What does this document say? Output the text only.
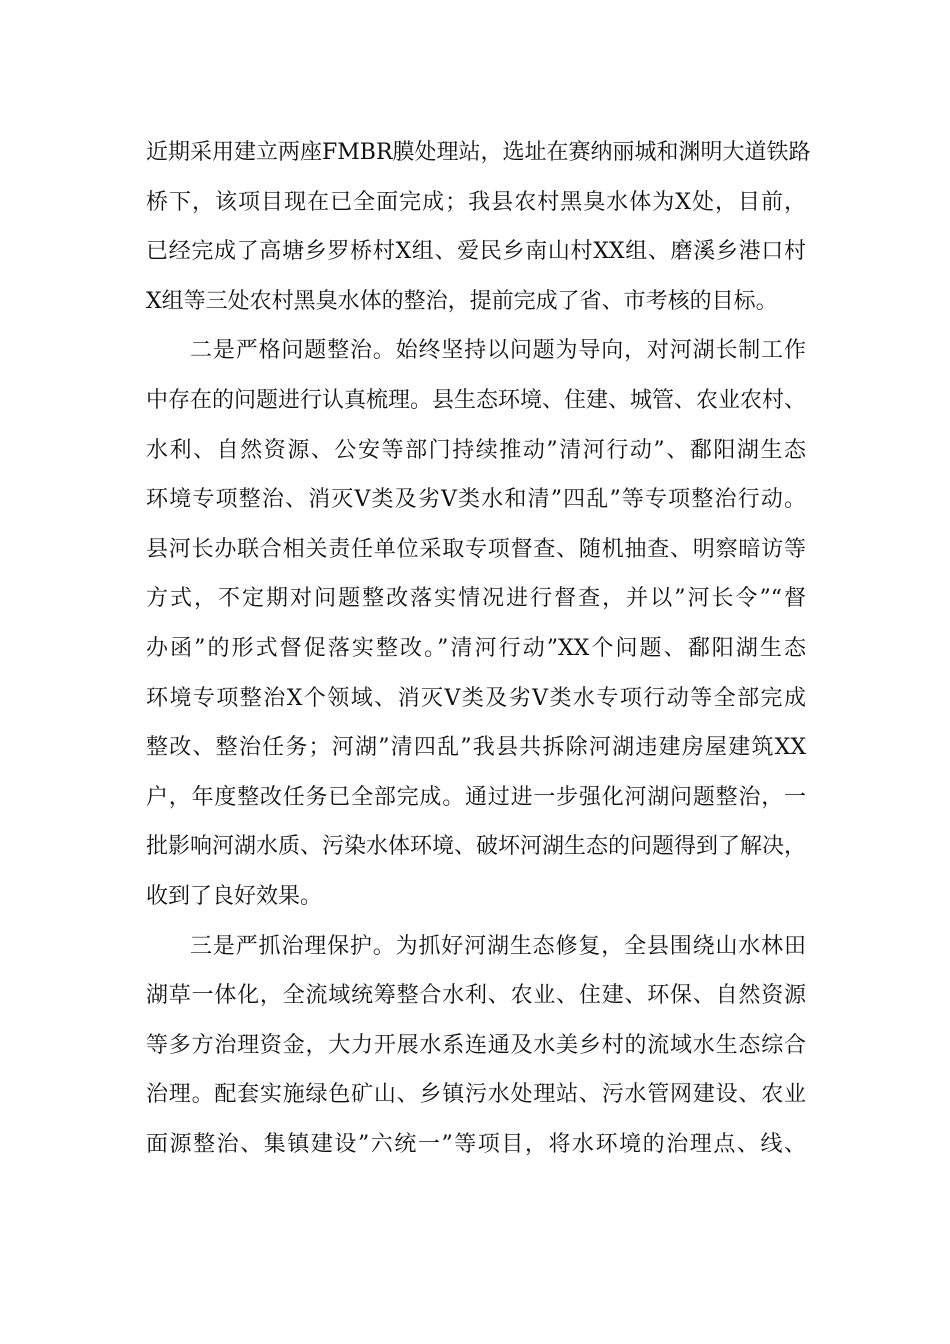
近期采用建立两座FMBR膜处理站，选址在赛纳丽城和渊明大道铁路
桥下，该项目现在已全面完成；我县农村黑臭水体为X处，目前，
已经完成了高塘乡罗桥村X组、爱民乡南山村XX组、磨溪乡港口村
X组等三处农村黑臭水体的整治，提前完成了省、市考核的目标。
二是严格问题整治。始终坚持以问题为导向，对河湖长制工作
中存在的问题进行认真梳理。县生态环境、住建、城管、农业农村、
水利、自然资源、公安等部门持续推动”清河行动”、鄱阳湖生态
环境专项整治、消灭Ⅴ类及劣Ⅴ类水和清”四乱”等专项整治行动。
县河长办联合相关责任单位采取专项督查、随机抽查、明察暗访等
方式，不定期对问题整改落实情况进行督查，并以”河长令”“督
办函”的形式督促落实整改。”清河行动”XX个问题、鄱阳湖生态
环境专项整治X个领域、消灭Ⅴ类及劣Ⅴ类水专项行动等全部完成
整改、整治任务；河湖”清四乱”我县共拆除河湖违建房屋建筑XX
户，年度整改任务已全部完成。通过进一步强化河湖问题整治，一
批影响河湖水质、污染水体环境、破坏河湖生态的问题得到了解决，
收到了良好效果。
三是严抓治理保护。为抓好河湖生态修复，全县围绕山水林田
湖草一体化，全流域统筹整合水利、农业、住建、环保、自然资源
等多方治理资金，大力开展水系连通及水美乡村的流域水生态综合
治理。配套实施绿色矿山、乡镇污水处理站、污水管网建设、农业
面源整治、集镇建设”六统一”等项目，将水环境的治理点、线、
